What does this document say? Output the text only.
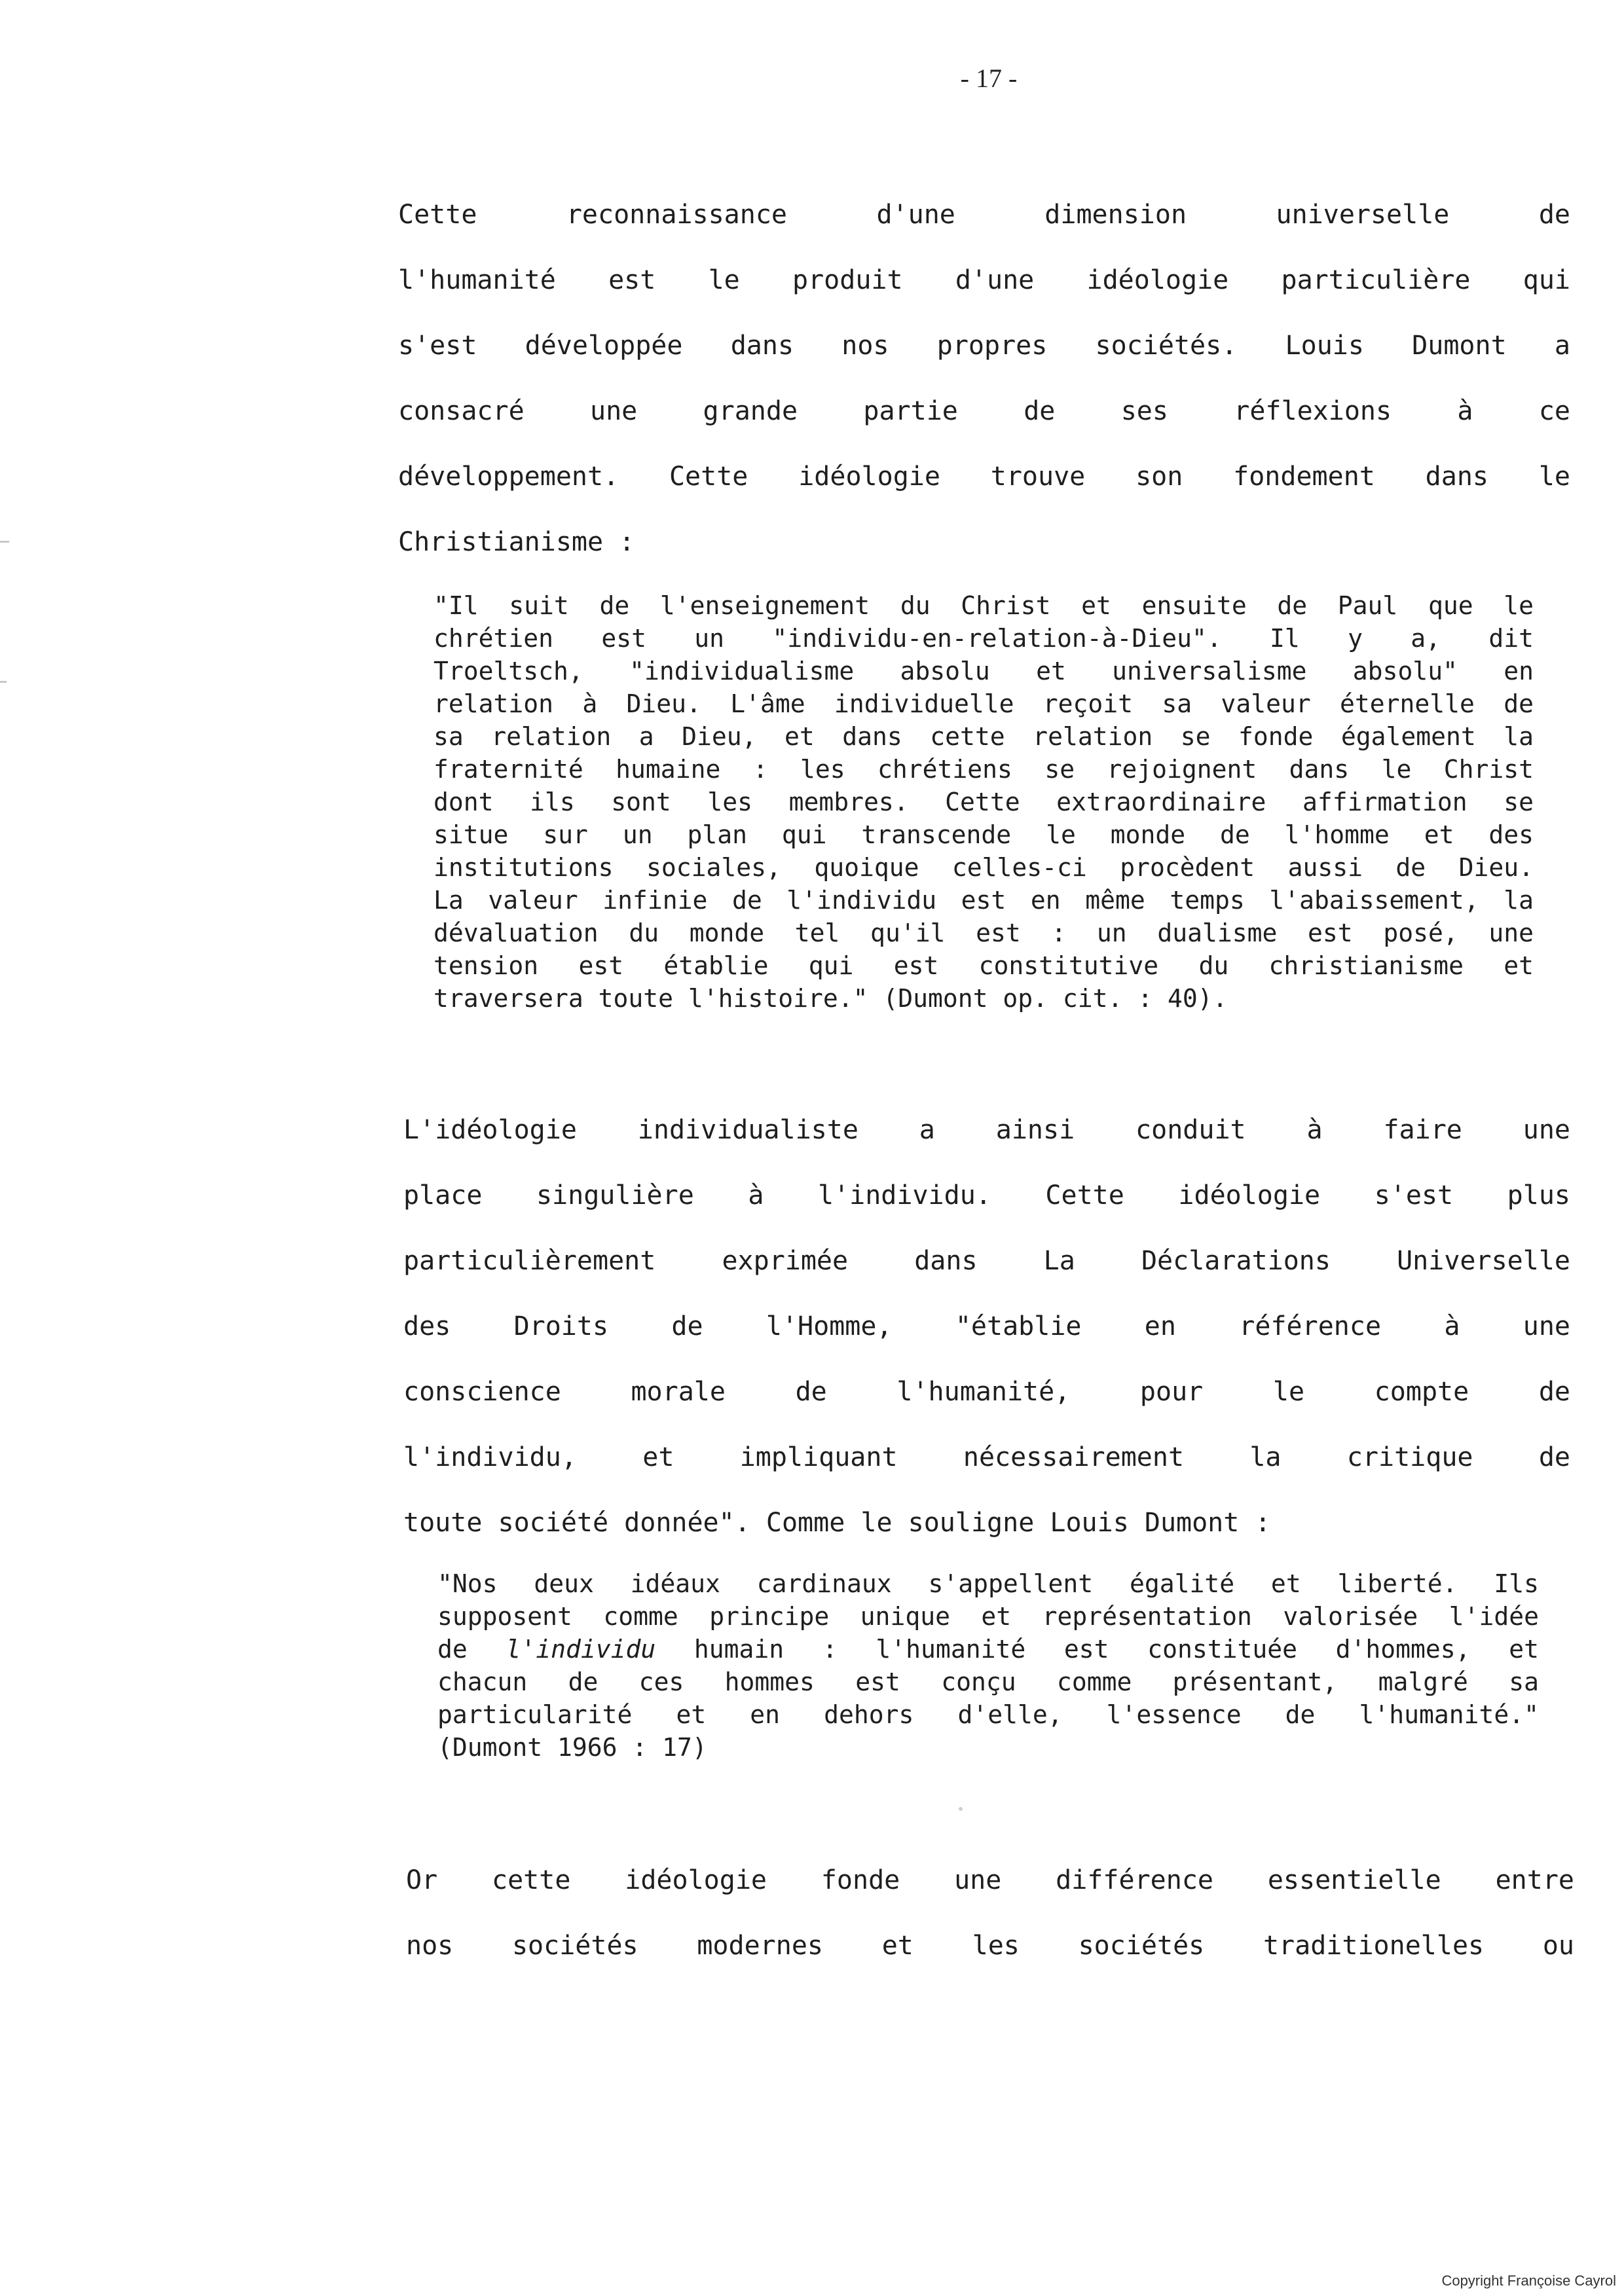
- 17 -
Cette reconnaissance d'une dimension universelle de
l'humanité est le produit d'une idéologie particulière qui
s'est développée dans nos propres sociétés. Louis Dumont a
consacré une grande partie de ses réflexions à ce
développement. Cette idéologie trouve son fondement dans le
Christianisme :
"Il suit de l'enseignement du Christ et ensuite de Paul que le
chrétien est un "individu-en-relation-à-Dieu". Il y a, dit
Troeltsch, "individualisme absolu et universalisme absolu" en
relation à Dieu. L'âme individuelle reçoit sa valeur éternelle de
sa relation a Dieu, et dans cette relation se fonde également la
fraternité humaine : les chrétiens se rejoignent dans le Christ
dont ils sont les membres. Cette extraordinaire affirmation se
situe sur un plan qui transcende le monde de l'homme et des
institutions sociales, quoique celles-ci procèdent aussi de Dieu.
La valeur infinie de l'individu est en même temps l'abaissement, la
dévaluation du monde tel qu'il est : un dualisme est posé, une
tension est établie qui est constitutive du christianisme et
traversera toute l'histoire." (Dumont op. cit. : 40).
L'idéologie individualiste a ainsi conduit à faire une
place singulière à l'individu. Cette idéologie s'est plus
particulièrement exprimée dans La Déclarations Universelle
des Droits de l'Homme, "établie en référence à une
conscience morale de l'humanité, pour le compte de
l'individu, et impliquant nécessairement la critique de
toute société donnée". Comme le souligne Louis Dumont :
"Nos deux idéaux cardinaux s'appellent égalité et liberté. Ils
supposent comme principe unique et représentation valorisée l'idée
de l'individu humain : l'humanité est constituée d'hommes, et
chacun de ces hommes est conçu comme présentant, malgré sa
particularité et en dehors d'elle, l'essence de l'humanité."
(Dumont 1966 : 17)
Or cette idéologie fonde une différence essentielle entre
nos sociétés modernes et les sociétés traditionelles ou
Copyright Françoise Cayrol
